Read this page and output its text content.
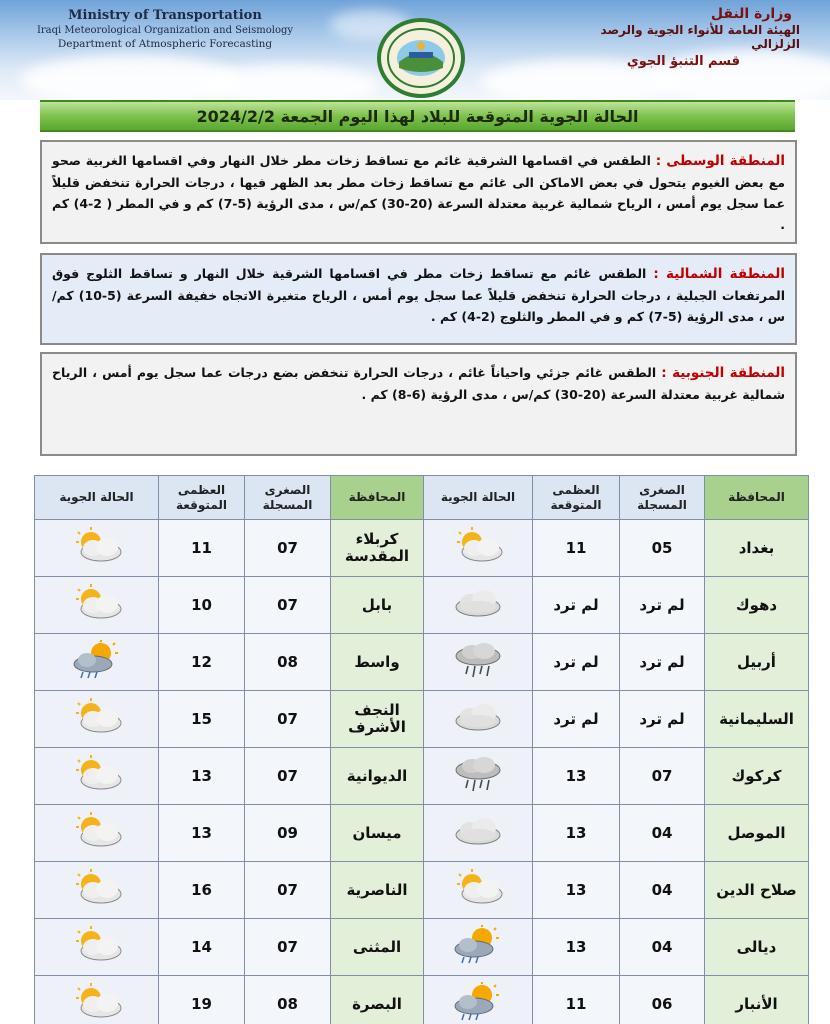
Ministry of Transportation
Iraqi Meteorological Organization and Seismology
Department of Atmospheric Forecasting
وزارة النقل
الهيئة العامة للأنواء الجوية والرصد الزلزالي
قسم التنبؤ الجوي
الحالة الجوية المتوقعة للبلاد لهذا اليوم الجمعة 2024/2/2
المنطقة الوسطى : الطقس في اقسامها الشرقية غائم مع تساقط زخات مطر خلال النهار وفي اقسامها الغربية صحو مع بعض الغيوم يتحول في بعض الاماكن الى غائم مع تساقط زخات مطر بعد الظهر فيها ، درجات الحرارة تنخفض قليلاً عما سجل يوم أمس ، الرياح شمالية غربية معتدلة السرعة (20-30) كم/س ، مدى الرؤية (5-7) كم و في المطر ( 2-4) كم .
المنطقة الشمالية : الطقس غائم مع تساقط زخات مطر في اقسامها الشرقية خلال النهار و تساقط الثلوج فوق المرتفعات الجبلية ، درجات الحرارة تنخفض قليلاً عما سجل يوم أمس ، الرياح متغيرة الاتجاه خفيفة السرعة (5-10) كم/س ، مدى الرؤية (5-7) كم و في المطر والثلوج (2-4) كم .
المنطقة الجنوبية : الطقس غائم جزئي واحياناً غائم ، درجات الحرارة تنخفض بضع درجات عما سجل يوم أمس ، الرياح شمالية غربية معتدلة السرعة (20-30) كم/س ، مدى الرؤية (6-8) كم .
المحافظة	الصغرى المسجلة	العظمى المتوقعة	الحالة الجوية	المحافظة	الصغرى المسجلة	العظمى المتوقعة	الحالة الجوية
بغداد	05	11		كربلاء المقدسة	07	11	
دهوك	لم ترد	لم ترد		بابل	07	10	
أربيل	لم ترد	لم ترد		واسط	08	12	
السليمانية	لم ترد	لم ترد		النجف الأشرف	07	15	
كركوك	07	13		الديوانية	07	13	
الموصل	04	13		ميسان	09	13	
صلاح الدين	04	13		الناصرية	07	16	
ديالى	04	13		المثنى	07	14	
الأنبار	06	11		البصرة	08	19	
